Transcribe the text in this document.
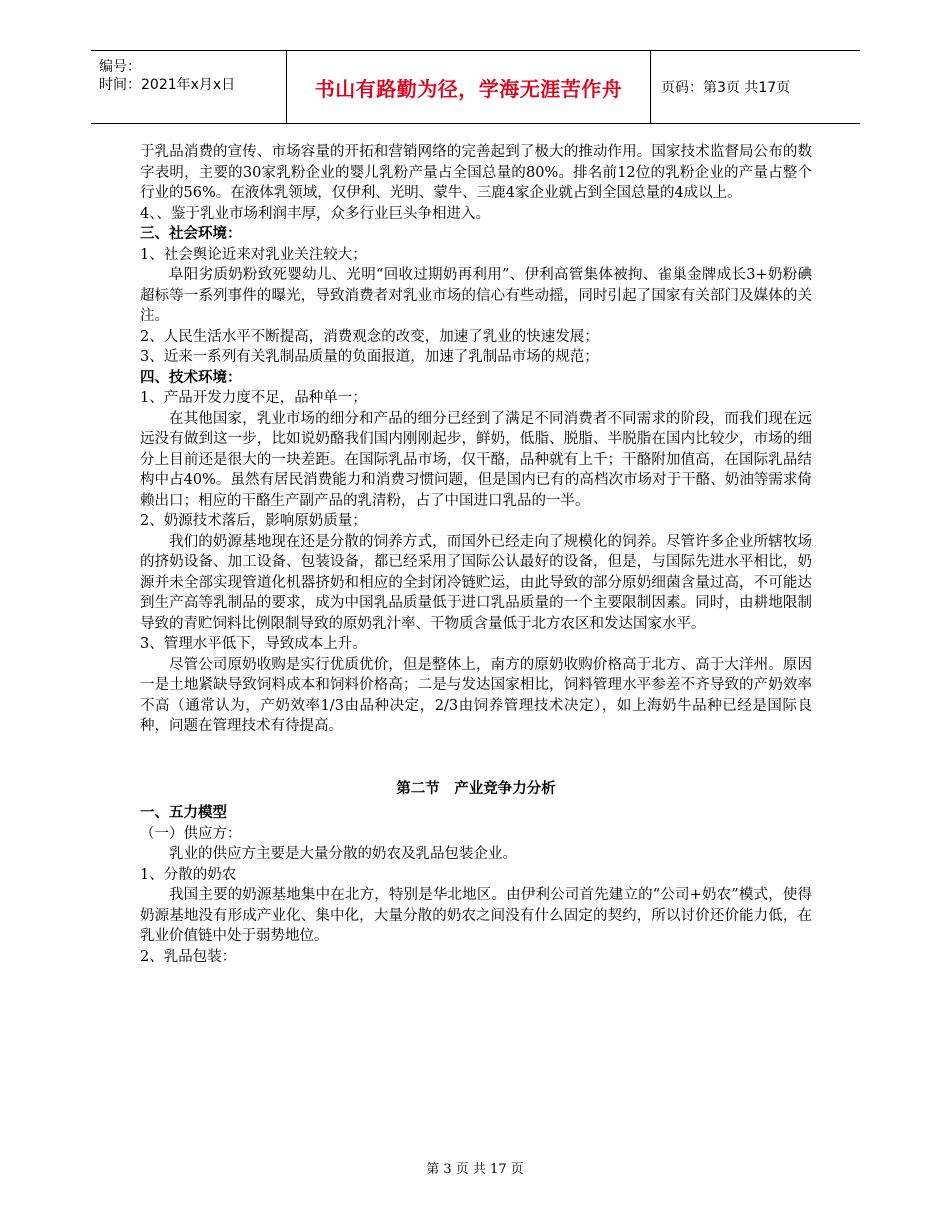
编号：
时间：2021年x月x日	书山有路勤为径，学海无涯苦作舟	页码：第3页 共17页

于乳品消费的宣传、市场容量的开拓和营销网络的完善起到了极大的推动作用。国家技术监督局公布的数字表明，主要的30家乳粉企业的婴儿乳粉产量占全国总量的80%。排名前12位的乳粉企业的产量占整个行业的56%。在液体乳领域，仅伊利、光明、蒙牛、三鹿4家企业就占到全国总量的4成以上。

4、、鉴于乳业市场利润丰厚，众多行业巨头争相进入。

三、社会环境：

1、社会舆论近来对乳业关注较大；

阜阳劣质奶粉致死婴幼儿、光明“回收过期奶再利用”、伊利高管集体被拘、雀巢金牌成长3+奶粉碘超标等一系列事件的曝光，导致消费者对乳业市场的信心有些动摇，同时引起了国家有关部门及媒体的关注。

2、人民生活水平不断提高，消费观念的改变，加速了乳业的快速发展；

3、近来一系列有关乳制品质量的负面报道，加速了乳制品市场的规范；

四、技术环境：

1、产品开发力度不足，品种单一；

在其他国家，乳业市场的细分和产品的细分已经到了满足不同消费者不同需求的阶段，而我们现在远远没有做到这一步，比如说奶酪我们国内刚刚起步，鲜奶，低脂、脱脂、半脱脂在国内比较少，市场的细分上目前还是很大的一块差距。在国际乳品市场，仅干酪，品种就有上千；干酪附加值高，在国际乳品结构中占40%。虽然有居民消费能力和消费习惯问题，但是国内已有的高档次市场对于干酪、奶油等需求倚赖出口；相应的干酪生产副产品的乳清粉，占了中国进口乳品的一半。

2、奶源技术落后，影响原奶质量；

我们的奶源基地现在还是分散的饲养方式，而国外已经走向了规模化的饲养。尽管许多企业所辖牧场的挤奶设备、加工设备、包装设备，都已经采用了国际公认最好的设备，但是，与国际先进水平相比，奶源并未全部实现管道化机器挤奶和相应的全封闭冷链贮运，由此导致的部分原奶细菌含量过高，不可能达到生产高等乳制品的要求，成为中国乳品质量低于进口乳品质量的一个主要限制因素。同时，由耕地限制导致的青贮饲料比例限制导致的原奶乳汁率、干物质含量低于北方农区和发达国家水平。

3、管理水平低下，导致成本上升。

尽管公司原奶收购是实行优质优价，但是整体上，南方的原奶收购价格高于北方、高于大洋州。原因一是土地紧缺导致饲料成本和饲料价格高；二是与发达国家相比，饲料管理水平参差不齐导致的产奶效率不高（通常认为，产奶效率1/3由品种决定，2/3由饲养管理技术决定），如上海奶牛品种已经是国际良种，问题在管理技术有待提高。

第二节　产业竞争力分析

一、五力模型

（一）供应方：

乳业的供应方主要是大量分散的奶农及乳品包装企业。

1、分散的奶农

我国主要的奶源基地集中在北方，特别是华北地区。由伊利公司首先建立的“公司+奶农”模式，使得奶源基地没有形成产业化、集中化，大量分散的奶农之间没有什么固定的契约，所以讨价还价能力低，在乳业价值链中处于弱势地位。

2、乳品包装：

第 3 页 共 17 页
